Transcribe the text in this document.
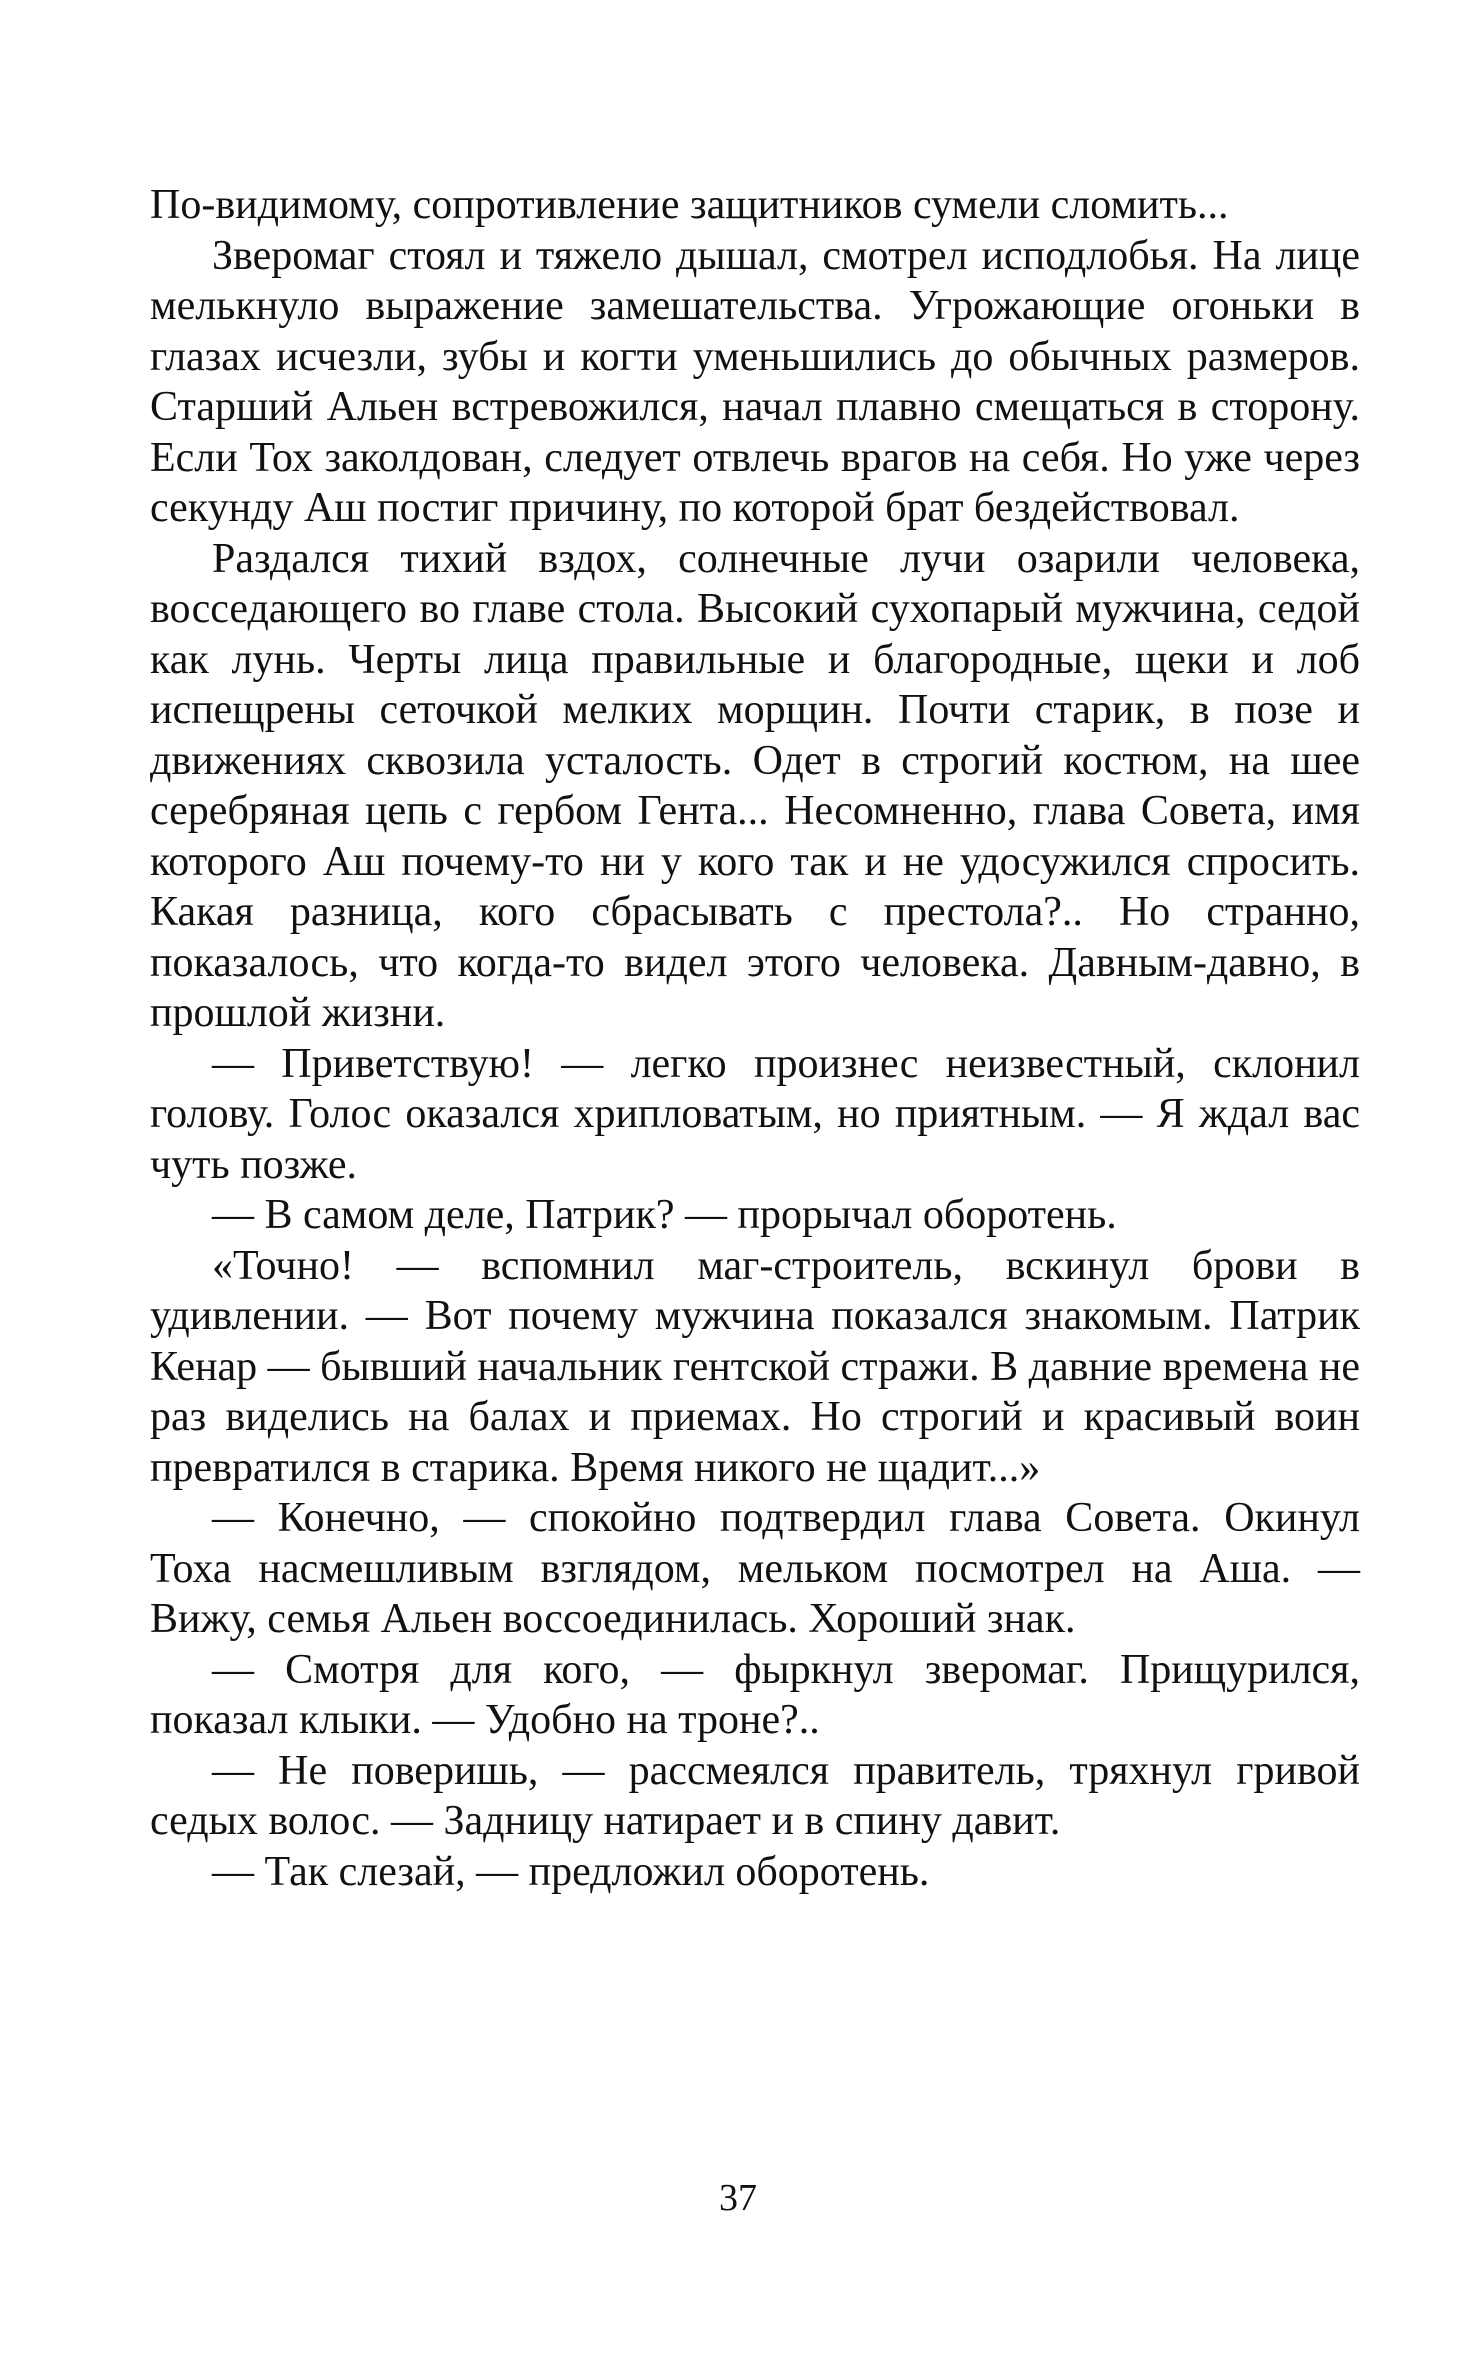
По-видимому, сопротивление защитников сумели сломить...

Зверомаг стоял и тяжело дышал, смотрел исподлобья. На лице мелькнуло выражение замешательства. Угрожающие огоньки в глазах исчезли, зубы и когти уменьшились до обычных размеров. Старший Альен встревожился, начал плавно смещаться в сторону. Если Тох заколдован, следует отвлечь врагов на себя. Но уже через секунду Аш постиг причину, по которой брат бездействовал.

Раздался тихий вздох, солнечные лучи озарили человека, восседающего во главе стола. Высокий сухопарый мужчина, седой как лунь. Черты лица правильные и благородные, щеки и лоб испещрены сеточкой мелких морщин. Почти старик, в позе и движениях сквозила усталость. Одет в строгий костюм, на шее серебряная цепь с гербом Гента... Несомненно, глава Совета, имя которого Аш почему-то ни у кого так и не удосужился спросить. Какая разница, кого сбрасывать с престола?.. Но странно, показалось, что когда-то видел этого человека. Давным-давно, в прошлой жизни.

— Приветствую! — легко произнес неизвестный, склонил голову. Голос оказался хрипловатым, но приятным. — Я ждал вас чуть позже.

— В самом деле, Патрик? — прорычал оборотень.

«Точно! — вспомнил маг-строитель, вскинул брови в удивлении. — Вот почему мужчина показался знакомым. Патрик Кенар — бывший начальник гентской стражи. В давние времена не раз виделись на балах и приемах. Но строгий и красивый воин превратился в старика. Время никого не щадит...»

— Конечно, — спокойно подтвердил глава Совета. Окинул Тоха насмешливым взглядом, мельком посмотрел на Аша. — Вижу, семья Альен воссоединилась. Хороший знак.

— Смотря для кого, — фыркнул звeромаг. Прищурился, показал клыки. — Удобно на троне?..

— Не поверишь, — рассмеялся правитель, тряхнул гривой седых волос. — Задницу натирает и в спину давит.

— Так слезай, — предложил оборотень.

37
